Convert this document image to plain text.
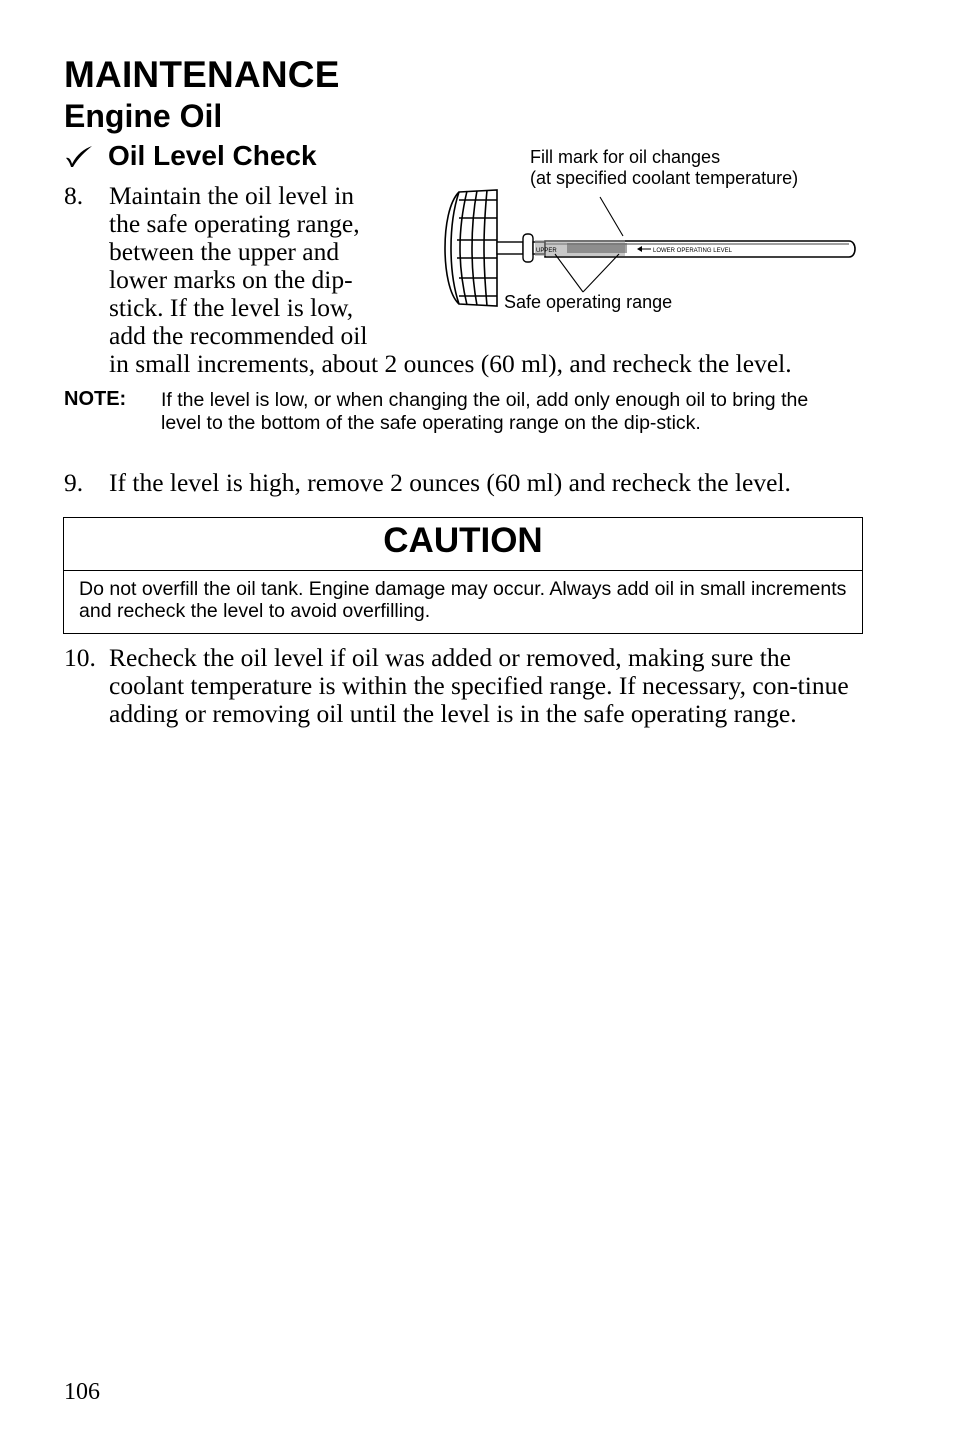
MAINTENANCE
Engine Oil
Oil Level Check
8. Maintain the oil level in
the safe operating range,
between the upper and
lower marks on the dip-
stick. If the level is low,
add the recommended oil
in small increments, about 2 ounces (60 ml), and recheck the level.
UPPER	LOWER OPERATING LEVEL
Fill mark for oil changes
(at specified coolant temperature)
Safe operating range
NOTE: If the level is low, or when changing the oil, add only enough oil to bring the level to the bottom of the safe operating range on the dip-stick.
9. If the level is high, remove 2 ounces (60 ml) and recheck the level.
CAUTION
Do not overfill the oil tank. Engine damage may occur. Always add oil in small increments and recheck the level to avoid overfilling.
10. Recheck the oil level if oil was added or removed, making sure the coolant temperature is within the specified range. If necessary, con-tinue adding or removing oil until the level is in the safe operating range.
106
